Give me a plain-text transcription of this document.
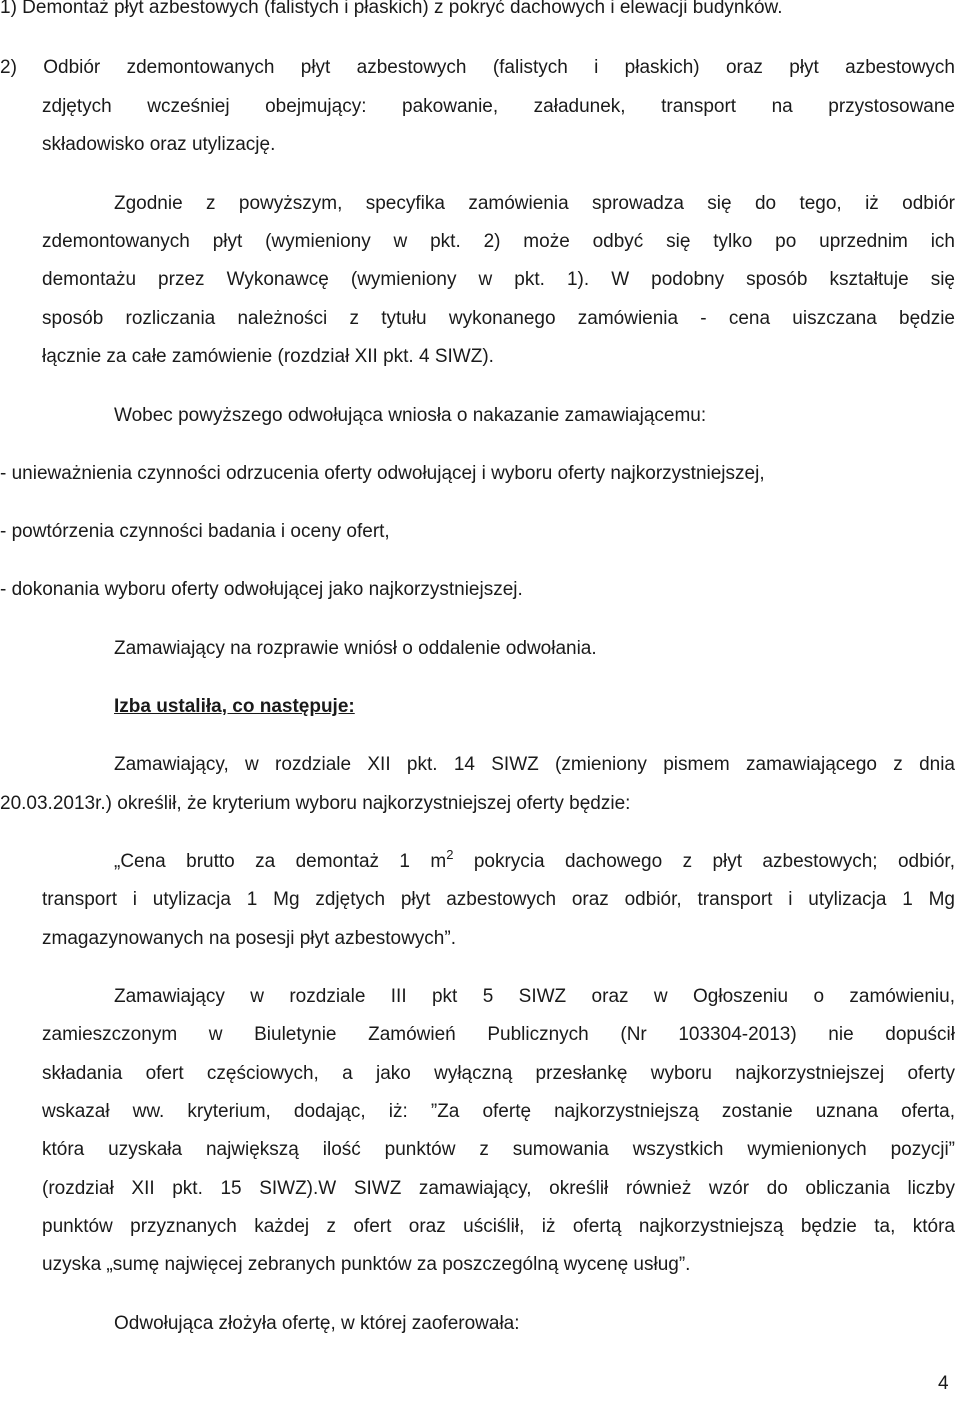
1) Demontaż płyt azbestowych (falistych i płaskich) z pokryć dachowych i elewacji budynków.

2) Odbiór zdemontowanych płyt azbestowych (falistych i płaskich) oraz płyt azbestowych

zdjętych wcześniej obejmujący: pakowanie, załadunek, transport na przystosowane

składowisko oraz utylizację.

Zgodnie z powyższym, specyfika zamówienia sprowadza się do tego, iż odbiór

zdemontowanych płyt (wymieniony w pkt. 2) może odbyć się tylko po uprzednim ich

demontażu przez Wykonawcę (wymieniony w pkt. 1). W podobny sposób kształtuje się

sposób rozliczania należności z tytułu wykonanego zamówienia - cena uiszczana będzie

łącznie za całe zamówienie (rozdział XII pkt. 4 SIWZ).

Wobec powyższego odwołująca wniosła o nakazanie zamawiającemu:

- unieważnienia czynności odrzucenia oferty odwołującej i wyboru oferty najkorzystniejszej,

- powtórzenia czynności badania i oceny ofert,

- dokonania wyboru oferty odwołującej jako najkorzystniejszej.

Zamawiający na rozprawie wniósł o oddalenie odwołania.

Izba ustaliła, co następuje:

Zamawiający, w rozdziale XII pkt. 14 SIWZ (zmieniony pismem zamawiającego z dnia

20.03.2013r.) określił, że kryterium wyboru najkorzystniejszej oferty będzie:

„Cena brutto za demontaż 1 $m^2$ pokrycia dachowego z płyt azbestowych; odbiór,

transport i utylizacja 1 Mg zdjętych płyt azbestowych oraz odbiór, transport i utylizacja 1 Mg

zmagazynowanych na posesji płyt azbestowych”.

Zamawiający w rozdziale III pkt 5 SIWZ oraz w Ogłoszeniu o zamówieniu,

zamieszczonym w Biuletynie Zamówień Publicznych (Nr 103304-2013) nie dopuścił

składania ofert częściowych, a jako wyłączną przesłankę wyboru najkorzystniejszej oferty

wskazał ww. kryterium, dodając, iż: ”Za ofertę najkorzystniejszą zostanie uznana oferta,

która uzyskała największą ilość punktów z sumowania wszystkich wymienionych pozycji”

(rozdział XII pkt. 15 SIWZ).W SIWZ zamawiający, określił również wzór do obliczania liczby

punktów przyznanych każdej z ofert oraz uściślił, iż ofertą najkorzystniejszą będzie ta, która

uzyska „sumę najwięcej zebranych punktów za poszczególną wycenę usług”.

Odwołująca złożyła ofertę, w której zaoferowała:

4
